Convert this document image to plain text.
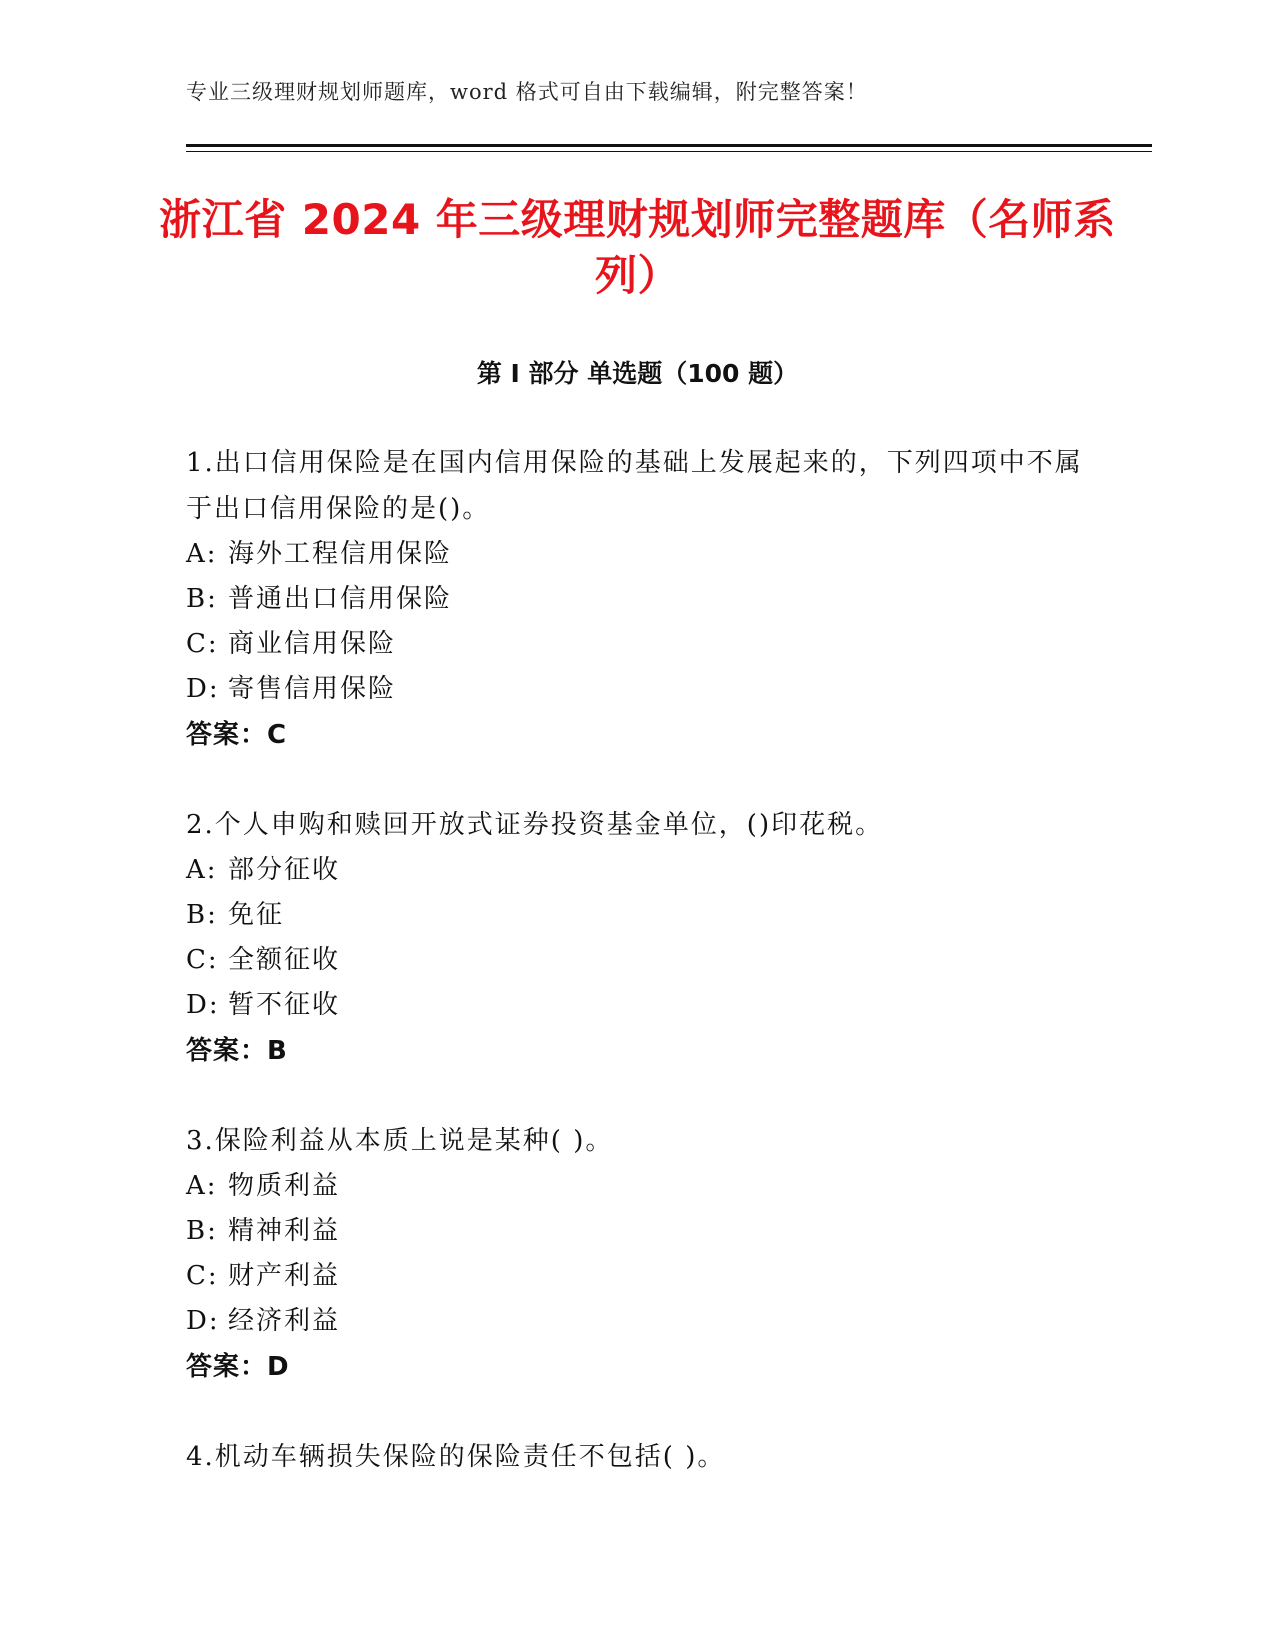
专业三级理财规划师题库，word 格式可自由下载编辑，附完整答案！
浙江省 2024 年三级理财规划师完整题库（名师系列）
第 I 部分 单选题（100 题）
1.出口信用保险是在国内信用保险的基础上发展起来的，下列四项中不属于出口信用保险的是()。
A: 海外工程信用保险
B: 普通出口信用保险
C: 商业信用保险
D: 寄售信用保险
答案：C
2.个人申购和赎回开放式证券投资基金单位，()印花税。
A: 部分征收
B: 免征
C: 全额征收
D: 暂不征收
答案：B
3.保险利益从本质上说是某种( )。
A: 物质利益
B: 精神利益
C: 财产利益
D: 经济利益
答案：D
4.机动车辆损失保险的保险责任不包括( )。
